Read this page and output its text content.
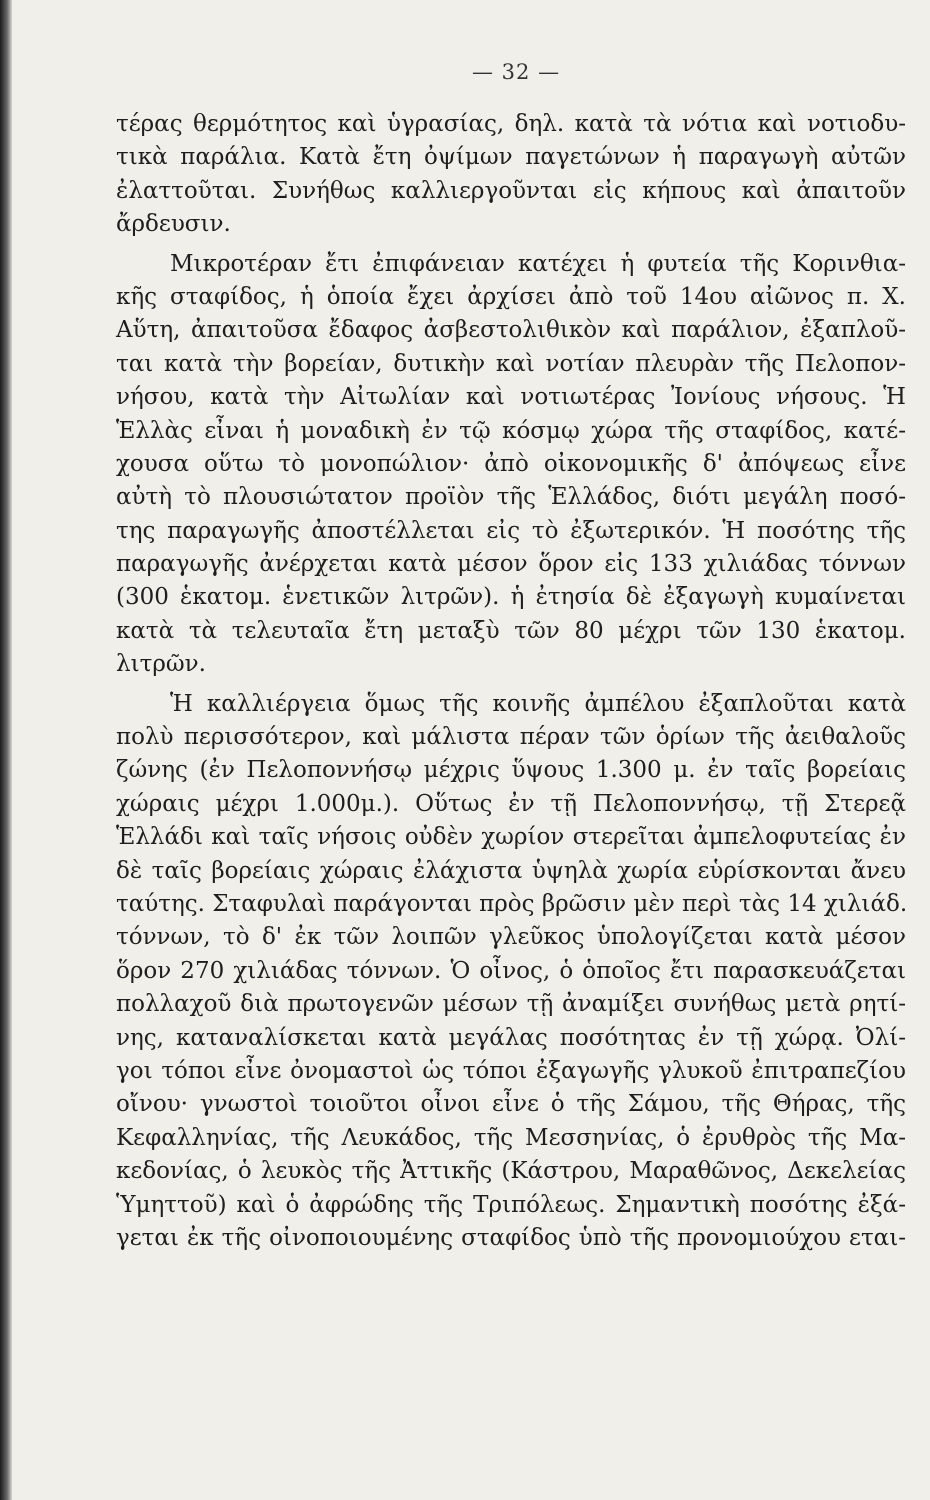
— 32 —
τέρας θερμότητος καὶ ὑγρασίας, δηλ. κατὰ τὰ νότια καὶ νοτιοδυ-
τικὰ παράλια. Κατὰ ἔτη ὀψίμων παγετώνων ἡ παραγωγὴ αὐτῶν
ἐλαττοῦται. Συνήθως καλλιεργοῦνται εἰς κήπους καὶ ἀπαιτοῦν
ἄρδευσιν.
Μικροτέραν ἔτι ἐπιφάνειαν κατέχει ἡ φυτεία τῆς Κορινθια-
κῆς σταφίδος, ἡ ὁποία ἔχει ἀρχίσει ἀπὸ τοῦ 14ου αἰῶνος π. Χ.
Αὕτη, ἀπαιτοῦσα ἔδαφος ἀσβεστολιθικὸν καὶ παράλιον, ἐξαπλοῦ-
ται κατὰ τὴν βορείαν, δυτικὴν καὶ νοτίαν πλευρὰν τῆς Πελοπον-
νήσου, κατὰ τὴν Αἰτωλίαν καὶ νοτιωτέρας Ἰονίους νήσους. Ἡ
Ἑλλὰς εἶναι ἡ μοναδικὴ ἐν τῷ κόσμῳ χώρα τῆς σταφίδος, κατέ-
χουσα οὕτω τὸ μονοπώλιον· ἀπὸ οἰκονομικῆς δ' ἀπόψεως εἶνε
αὐτὴ τὸ πλουσιώτατον προϊὸν τῆς Ἑλλάδος, διότι μεγάλη ποσό-
της παραγωγῆς ἀποστέλλεται εἰς τὸ ἐξωτερικόν. Ἡ ποσότης τῆς
παραγωγῆς ἀνέρχεται κατὰ μέσον ὅρον εἰς 133 χιλιάδας τόννων
(300 ἑκατομ. ἑνετικῶν λιτρῶν). ἡ ἐτησία δὲ ἐξαγωγὴ κυμαίνεται
κατὰ τὰ τελευταῖα ἔτη μεταξὺ τῶν 80 μέχρι τῶν 130 ἑκατομ.
λιτρῶν.
Ἡ καλλιέργεια ὅμως τῆς κοινῆς ἀμπέλου ἐξαπλοῦται κατὰ
πολὺ περισσότερον, καὶ μάλιστα πέραν τῶν ὁρίων τῆς ἀειθαλοῦς
ζώνης (ἐν Πελοποννήσῳ μέχρις ὕψους 1.300 μ. ἐν ταῖς βορείαις
χώραις μέχρι 1.000μ.). Οὕτως ἐν τῇ Πελοποννήσῳ, τῇ Στερεᾷ
Ἑλλάδι καὶ ταῖς νήσοις οὐδὲν χωρίον στερεῖται ἀμπελοφυτείας ἐν
δὲ ταῖς βορείαις χώραις ἐλάχιστα ὑψηλὰ χωρία εὑρίσκονται ἄνευ
ταύτης. Σταφυλαὶ παράγονται πρὸς βρῶσιν μὲν περὶ τὰς 14 χιλιάδ.
τόννων, τὸ δ' ἐκ τῶν λοιπῶν γλεῦκος ὑπολογίζεται κατὰ μέσον
ὅρον 270 χιλιάδας τόννων. Ὁ οἶνος, ὁ ὁποῖος ἔτι παρασκευάζεται
πολλαχοῦ διὰ πρωτογενῶν μέσων τῇ ἀναμίξει συνήθως μετὰ ρητί-
νης, καταναλίσκεται κατὰ μεγάλας ποσότητας ἐν τῇ χώρᾳ. Ὀλί-
γοι τόποι εἶνε ὀνομαστοὶ ὡς τόποι ἐξαγωγῆς γλυκοῦ ἐπιτραπεζίου
οἴνου· γνωστοὶ τοιοῦτοι οἶνοι εἶνε ὁ τῆς Σάμου, τῆς Θήρας, τῆς
Κεφαλληνίας, τῆς Λευκάδος, τῆς Μεσσηνίας, ὁ ἐρυθρὸς τῆς Μα-
κεδονίας, ὁ λευκὸς τῆς Ἀττικῆς (Κάστρου, Μαραθῶνος, Δεκελείας
Ὑμηττοῦ) καὶ ὁ ἀφρώδης τῆς Τριπόλεως. Σημαντικὴ ποσότης ἐξά-
γεται ἐκ τῆς οἰνοποιουμένης σταφίδος ὑπὸ τῆς προνομιούχου εται-
